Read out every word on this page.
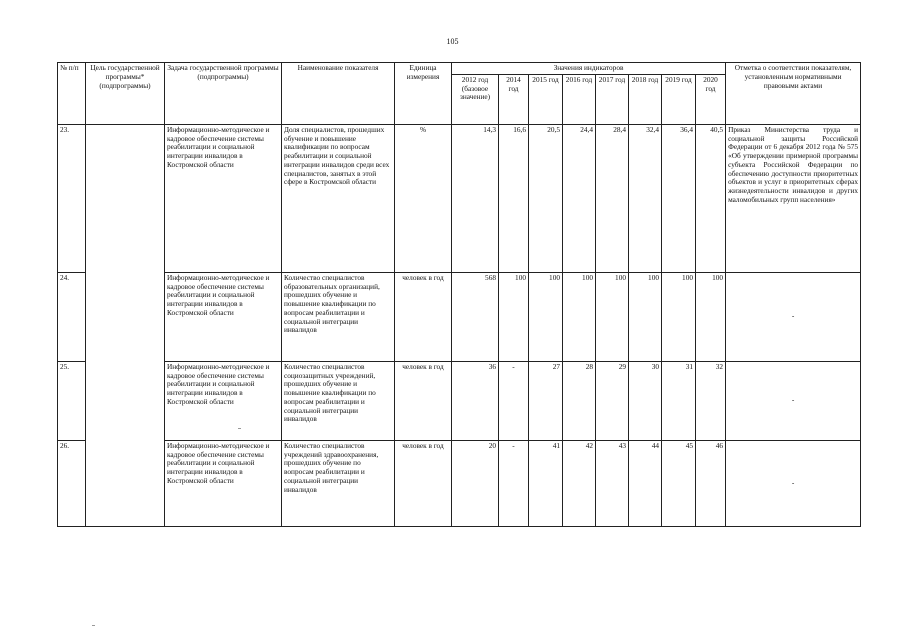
105
№ п/п	Цель государственной программы* (подпрограммы)	Задача государственной программы (подпрограммы)	Наименование показателя	Единица измерения	Значения индикаторов								Отметка о соответствии показателям, установленным нормативными правовыми актами
					2012 год (базовое значение)	2014 год	2015 год	2016 год	2017 год	2018 год	2019 год	2020 год	
23.		Информационно-методическое и кадровое обеспечение системы реабилитации и социальной интеграции инвалидов в Костромской области	Доля специалистов, прошедших обучение и повышение квалификации по вопросам реабилитации и социальной интеграции инвалидов среди всех специалистов, занятых в этой сфере в Костромской области	%	14,3	16,6	20,5	24,4	28,4	32,4	36,4	40,5	Приказ Министерства труда и социальной защиты Российской Федерации от 6 декабря 2012 года № 575 «Об утверждении примерной программы субъекта Российской Федерации по обеспечению доступности приоритетных объектов и услуг в приоритетных сферах жизнедеятельности инвалидов и других маломобильных групп населения»
24.		Информационно-методическое и кадровое обеспечение системы реабилитации и социальной интеграции инвалидов в Костромской области	Количество специалистов образовательных организаций, прошедших обучение и повышение квалификации по вопросам реабилитации и социальной интеграции инвалидов	человек в год	568	100	100	100	100	100	100	100	-
25.		Информационно-методическое и кадровое обеспечение системы реабилитации и социальной интеграции инвалидов в Костромской области	Количество специалистов социозащитных учреждений, прошедших обучение и повышение квалификации по вопросам реабилитации и социальной интеграции инвалидов	человек в год	36	-	27	28	29	30	31	32	-
26.		Информационно-методическое и кадровое обеспечение системы реабилитации и социальной интеграции инвалидов в Костромской области	Количество специалистов учреждений здравоохранения, прошедших обучение по вопросам реабилитации и социальной интеграции инвалидов	человек в год	20	-	41	42	43	44	45	46	-
